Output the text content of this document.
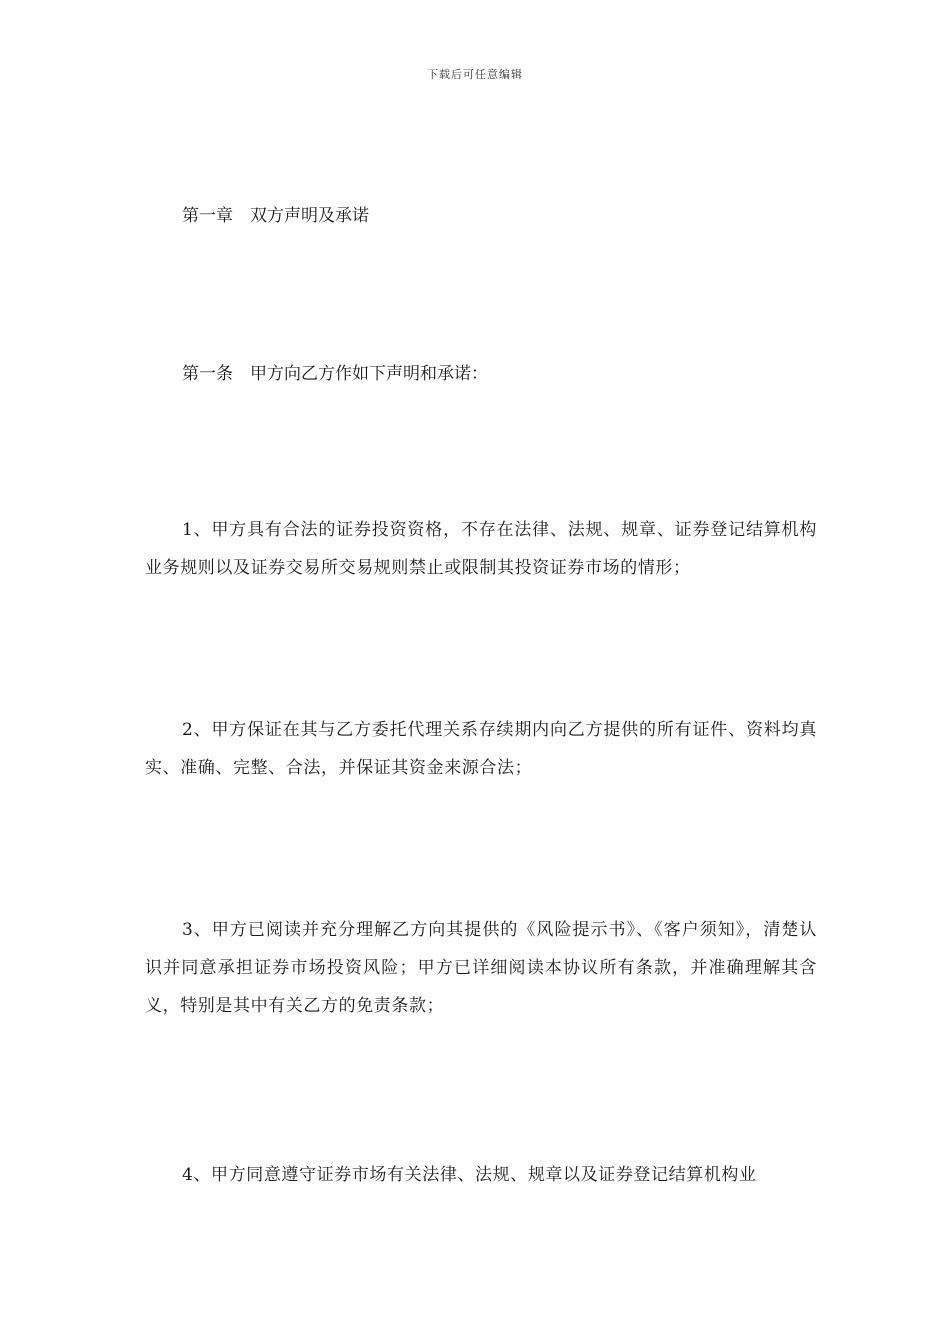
下载后可任意编辑
第一章　双方声明及承诺
第一条　甲方向乙方作如下声明和承诺：
1、甲方具有合法的证券投资资格，不存在法律、法规、规章、证券登记结算机构业务规则以及证券交易所交易规则禁止或限制其投资证券市场的情形；
2、甲方保证在其与乙方委托代理关系存续期内向乙方提供的所有证件、资料均真实、准确、完整、合法，并保证其资金来源合法；
3、甲方已阅读并充分理解乙方向其提供的《风险提示书》、《客户须知》，清楚认识并同意承担证券市场投资风险；甲方已详细阅读本协议所有条款，并准确理解其含义，特别是其中有关乙方的免责条款；
4、甲方同意遵守证券市场有关法律、法规、规章以及证券登记结算机构业
